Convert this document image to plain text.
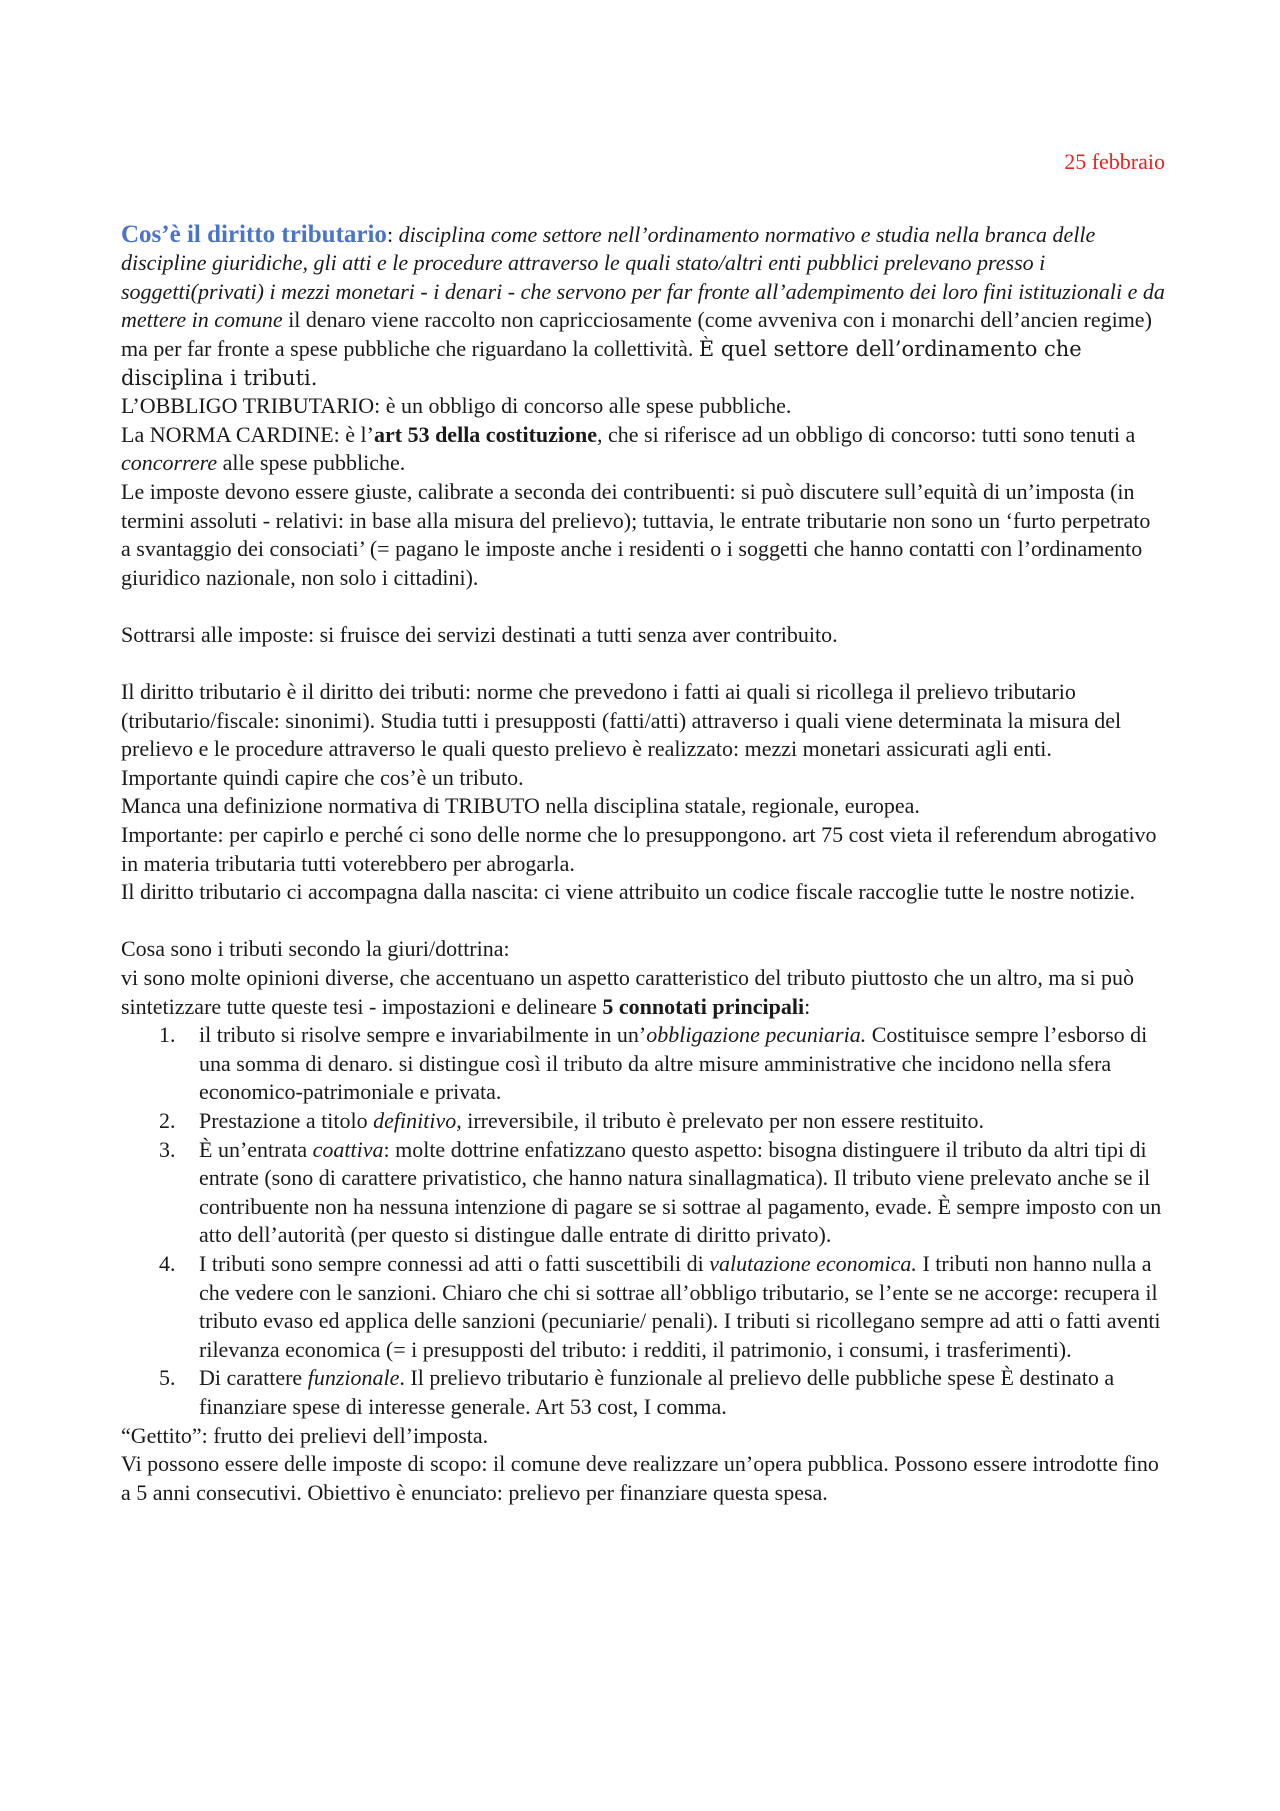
25 febbraio

Cos’è il diritto tributario: disciplina come settore nell’ordinamento normativo e studia nella branca delle discipline giuridiche, gli atti e le procedure attraverso le quali stato/altri enti pubblici prelevano presso i soggetti(privati) i mezzi monetari - i denari - che servono per far fronte all’adempimento dei loro fini istituzionali e da mettere in comune il denaro viene raccolto non capricciosamente (come avveniva con i monarchi dell’ancien regime) ma per far fronte a spese pubbliche che riguardano la collettività. È quel settore dell’ordinamento che disciplina i tributi.

L’OBBLIGO TRIBUTARIO: è un obbligo di concorso alle spese pubbliche.

La NORMA CARDINE: è l’art 53 della costituzione, che si riferisce ad un obbligo di concorso: tutti sono tenuti a concorrere alle spese pubbliche.

Le imposte devono essere giuste, calibrate a seconda dei contribuenti: si può discutere sull’equità di un’imposta (in termini assoluti - relativi: in base alla misura del prelievo); tuttavia, le entrate tributarie non sono un ‘furto perpetrato a svantaggio dei consociati’ (= pagano le imposte anche i residenti o i soggetti che hanno contatti con l’ordinamento giuridico nazionale, non solo i cittadini).

Sottrarsi alle imposte: si fruisce dei servizi destinati a tutti senza aver contribuito.

Il diritto tributario è il diritto dei tributi: norme che prevedono i fatti ai quali si ricollega il prelievo tributario (tributario/fiscale: sinonimi). Studia tutti i presupposti (fatti/atti) attraverso i quali viene determinata la misura del prelievo e le procedure attraverso le quali questo prelievo è realizzato: mezzi monetari assicurati agli enti.

Importante quindi capire che cos’è un tributo.

Manca una definizione normativa di TRIBUTO nella disciplina statale, regionale, europea.

Importante: per capirlo e perché ci sono delle norme che lo presuppongono. art 75 cost vieta il referendum abrogativo in materia tributaria tutti voterebbero per abrogarla.

Il diritto tributario ci accompagna dalla nascita: ci viene attribuito un codice fiscale raccoglie tutte le nostre notizie.

Cosa sono i tributi secondo la giuri/dottrina:

vi sono molte opinioni diverse, che accentuano un aspetto caratteristico del tributo piuttosto che un altro, ma si può sintetizzare tutte queste tesi - impostazioni e delineare 5 connotati principali:

1. il tributo si risolve sempre e invariabilmente in un’obbligazione pecuniaria. Costituisce sempre l’esborso di una somma di denaro. si distingue così il tributo da altre misure amministrative che incidono nella sfera economico-patrimoniale e privata.
2. Prestazione a titolo definitivo, irreversibile, il tributo è prelevato per non essere restituito.
3. È un’entrata coattiva: molte dottrine enfatizzano questo aspetto: bisogna distinguere il tributo da altri tipi di entrate (sono di carattere privatistico, che hanno natura sinallagmatica). Il tributo viene prelevato anche se il contribuente non ha nessuna intenzione di pagare se si sottrae al pagamento, evade. È sempre imposto con un atto dell’autorità (per questo si distingue dalle entrate di diritto privato).
4. I tributi sono sempre connessi ad atti o fatti suscettibili di valutazione economica. I tributi non hanno nulla a che vedere con le sanzioni. Chiaro che chi si sottrae all’obbligo tributario, se l’ente se ne accorge: recupera il tributo evaso ed applica delle sanzioni (pecuniarie/ penali). I tributi si ricollegano sempre ad atti o fatti aventi rilevanza economica (= i presupposti del tributo: i redditi, il patrimonio, i consumi, i trasferimenti).
5. Di carattere funzionale. Il prelievo tributario è funzionale al prelievo delle pubbliche spese È destinato a finanziare spese di interesse generale. Art 53 cost, I comma.

“Gettito”: frutto dei prelievi dell’imposta.

Vi possono essere delle imposte di scopo: il comune deve realizzare un’opera pubblica. Possono essere introdotte fino a 5 anni consecutivi. Obiettivo è enunciato: prelievo per finanziare questa spesa.
